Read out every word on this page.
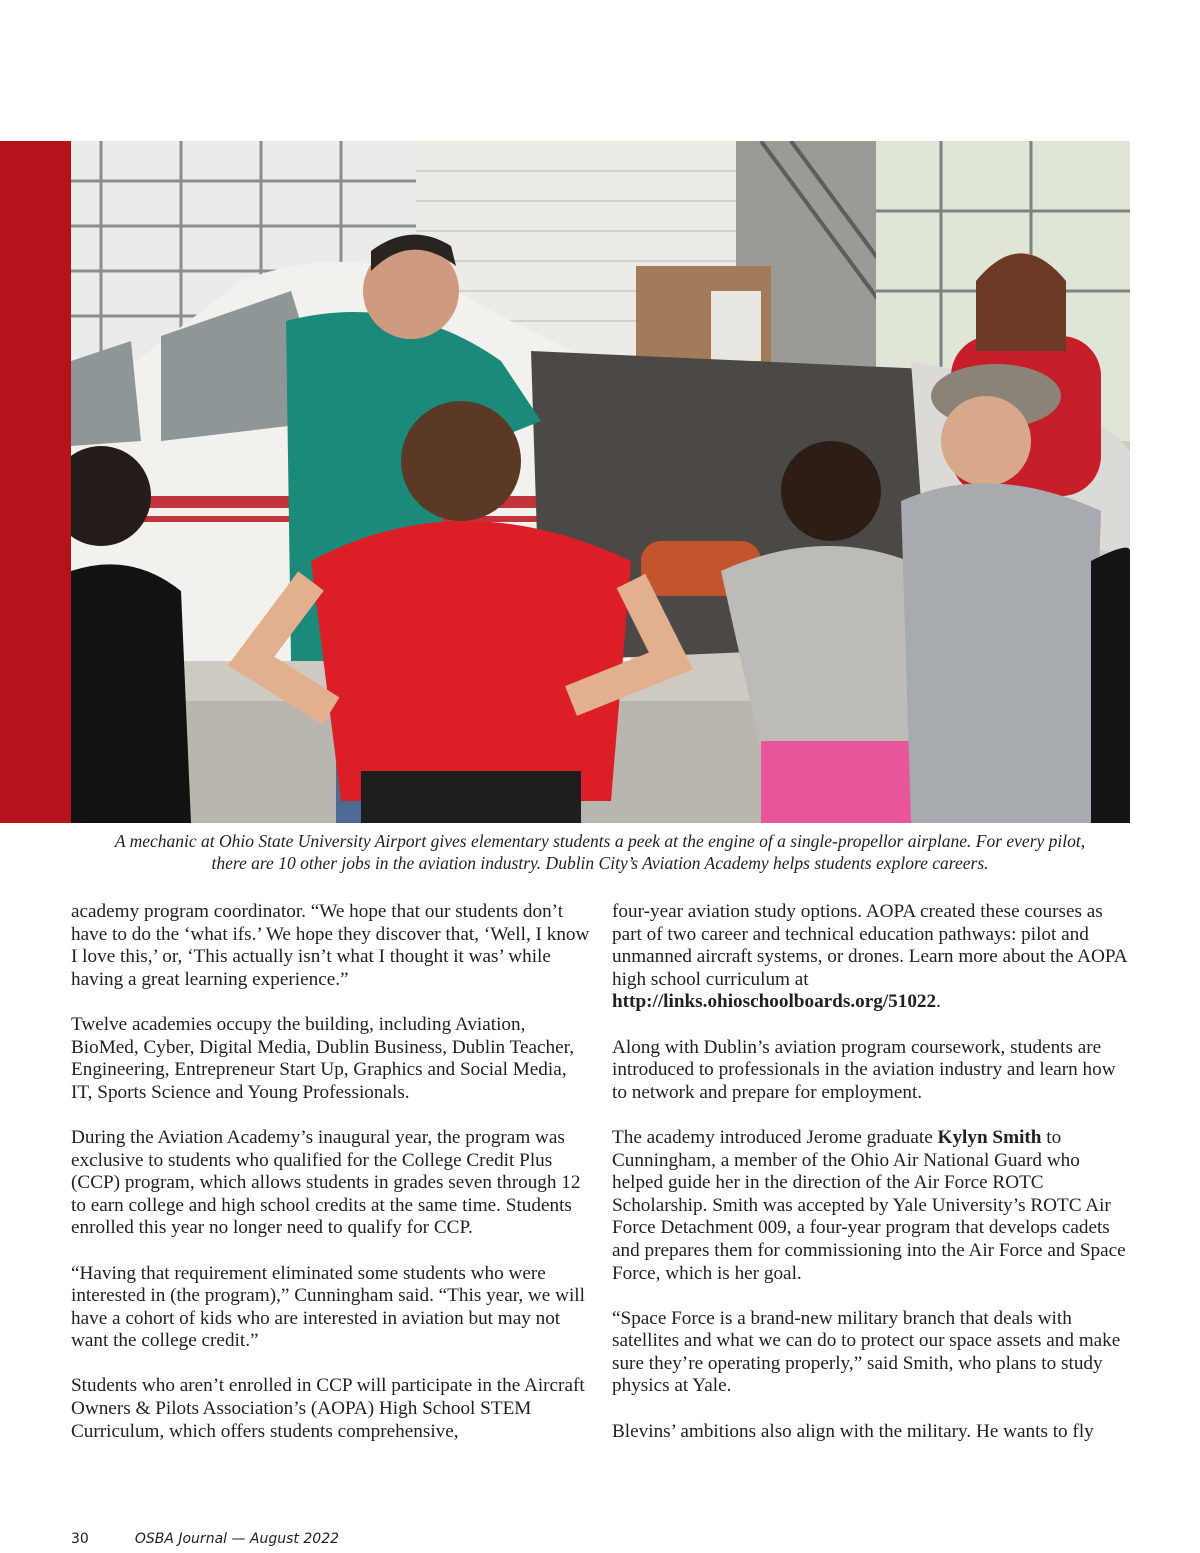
A mechanic at Ohio State University Airport gives elementary students a peek at the engine of a single-propellor airplane. For every pilot,
there are 10 other jobs in the aviation industry. Dublin City’s Aviation Academy helps students explore careers.

academy program coordinator. “We hope that our students don’t have to do the ‘what ifs.’ We hope they discover that, ‘Well, I know I love this,’ or, ‘This actually isn’t what I thought it was’ while having a great learning experience.”

Twelve academies occupy the building, including Aviation, BioMed, Cyber, Digital Media, Dublin Business, Dublin Teacher, Engineering, Entrepreneur Start Up, Graphics and Social Media, IT, Sports Science and Young Professionals.

During the Aviation Academy’s inaugural year, the program was exclusive to students who qualified for the College Credit Plus (CCP) program, which allows students in grades seven through 12 to earn college and high school credits at the same time. Students enrolled this year no longer need to qualify for CCP.

“Having that requirement eliminated some students who were interested in (the program),” Cunningham said. “This year, we will have a cohort of kids who are interested in aviation but may not want the college credit.”

Students who aren’t enrolled in CCP will participate in the Aircraft Owners & Pilots Association’s (AOPA) High School STEM Curriculum, which offers students comprehensive,

four-year aviation study options. AOPA created these courses as part of two career and technical education pathways: pilot and unmanned aircraft systems, or drones. Learn more about the AOPA high school curriculum at http://links.ohioschoolboards.org/51022.

Along with Dublin’s aviation program coursework, students are introduced to professionals in the aviation industry and learn how to network and prepare for employment.

The academy introduced Jerome graduate Kylyn Smith to Cunningham, a member of the Ohio Air National Guard who helped guide her in the direction of the Air Force ROTC Scholarship. Smith was accepted by Yale University’s ROTC Air Force Detachment 009, a four-year program that develops cadets and prepares them for commissioning into the Air Force and Space Force, which is her goal.

“Space Force is a brand-new military branch that deals with satellites and what we can do to protect our space assets and make sure they’re operating properly,” said Smith, who plans to study physics at Yale.

Blevins’ ambitions also align with the military. He wants to fly

30	OSBA Journal — August 2022
